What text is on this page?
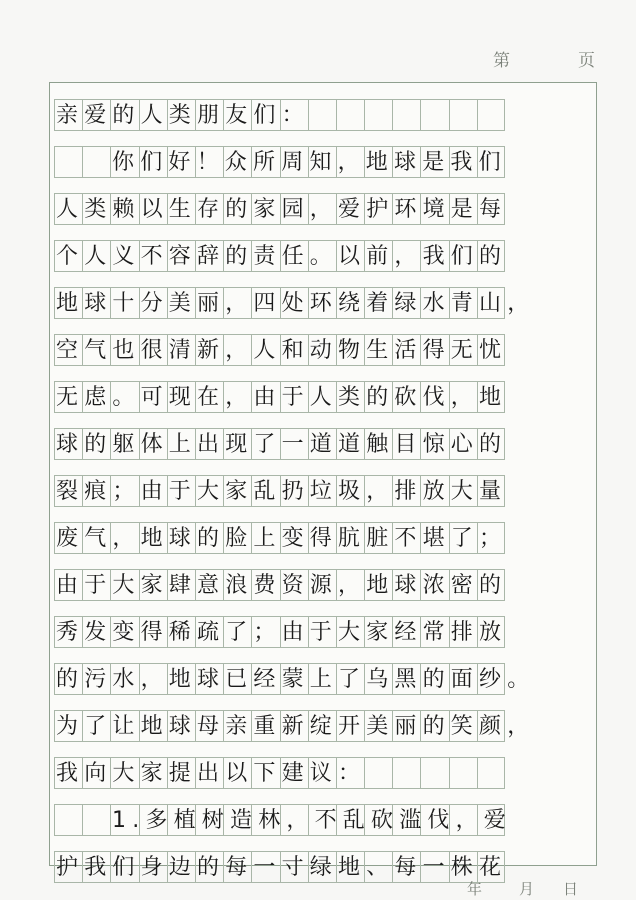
第	页
亲爱的人类朋友们：
你们好！众所周知，地球是我们
人类赖以生存的家园，爱护环境是每
个人义不容辞的责任。以前，我们的
地球十分美丽，四处环绕着绿水青山，
空气也很清新，人和动物生活得无忧
无虑。可现在，由于人类的砍伐，地
球的躯体上出现了一道道触目惊心的
裂痕；由于大家乱扔垃圾，排放大量
废气，地球的脸上变得肮脏不堪了；
由于大家肆意浪费资源，地球浓密的
秀发变得稀疏了；由于大家经常排放
的污水，地球已经蒙上了乌黑的面纱。
为了让地球母亲重新绽开美丽的笑颜，
我向大家提出以下建议：
1.多植树造林，不乱砍滥伐，爱
护我们身边的每一寸绿地、每一株花
年 月 日
